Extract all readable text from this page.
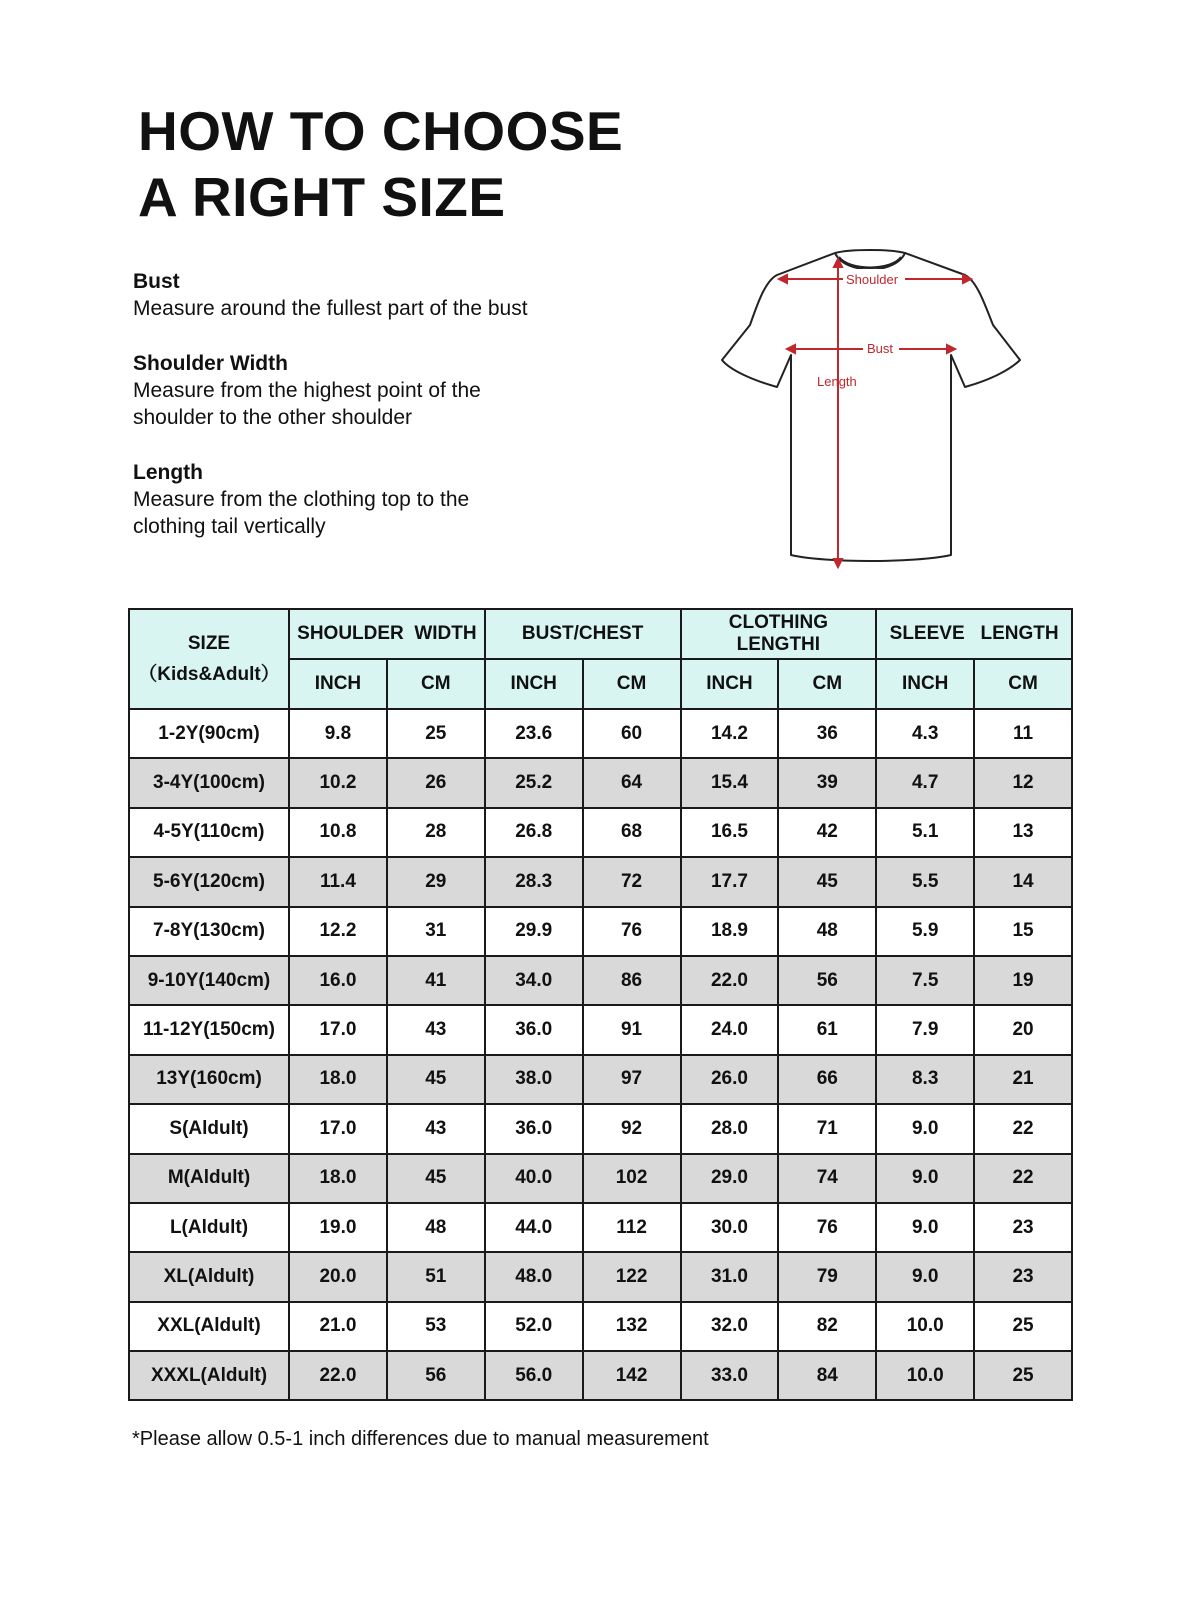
HOW TO CHOOSE
A RIGHT SIZE
Bust
Measure around the fullest part of the bust
Shoulder Width
Measure from the highest point of the shoulder to the other shoulder
Length
Measure from the clothing top to the clothing tail vertically
Shoulder
Bust
Length
SIZE
（Kids&Adult）	SHOULDER  WIDTH		BUST/CHEST		CLOTHING LENGTHI		SLEEVE   LENGTH	
	INCH	CM	INCH	CM	INCH	CM	INCH	CM
1-2Y(90cm)	9.8	25	23.6	60	14.2	36	4.3	11
3-4Y(100cm)	10.2	26	25.2	64	15.4	39	4.7	12
4-5Y(110cm)	10.8	28	26.8	68	16.5	42	5.1	13
5-6Y(120cm)	11.4	29	28.3	72	17.7	45	5.5	14
7-8Y(130cm)	12.2	31	29.9	76	18.9	48	5.9	15
9-10Y(140cm)	16.0	41	34.0	86	22.0	56	7.5	19
11-12Y(150cm)	17.0	43	36.0	91	24.0	61	7.9	20
13Y(160cm)	18.0	45	38.0	97	26.0	66	8.3	21
S(Aldult)	17.0	43	36.0	92	28.0	71	9.0	22
M(Aldult)	18.0	45	40.0	102	29.0	74	9.0	22
L(Aldult)	19.0	48	44.0	112	30.0	76	9.0	23
XL(Aldult)	20.0	51	48.0	122	31.0	79	9.0	23
XXL(Aldult)	21.0	53	52.0	132	32.0	82	10.0	25
XXXL(Aldult)	22.0	56	56.0	142	33.0	84	10.0	25
*Please allow 0.5-1 inch differences due to manual measurement
